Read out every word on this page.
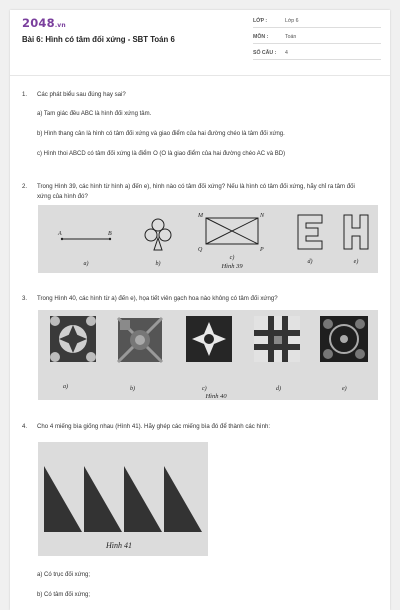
2048.vn
Bài 6: Hình có tâm đối xứng - SBT Toán 6
LỚP :	Lớp 6
MÔN :	Toán
SỐ CÂU : 4
1. Các phát biểu sau đúng hay sai?
a) Tam giác đều ABC là hình đối xứng tâm.
b) Hình thang cân là hình có tâm đối xứng và giao điểm của hai đường chéo là tâm đối xứng.
c) Hình thoi ABCD có tâm đối xứng là điểm O (O là giao điểm của hai đường chéo AC và BD)
2. Trong Hình 39, các hình từ hình a) đến e), hình nào có tâm đối xứng? Nếu là hình có tâm đối xứng, hãy chỉ ra tâm đối xứng của hình đó?
A	B
M	N
Q	P
a)	b)
c)
Hình 39
d)	e)
3. Trong Hình 40, các hình từ a) đến e), họa tiết viên gạch hoa nào không có tâm đối xứng?
a)	b)	c)
Hình 40
d)	e)
4. Cho 4 miếng bìa giống nhau (Hình 41). Hãy ghép các miếng bìa đó để thành các hình:
Hình 41
a) Có trục đối xứng;
b) Có tâm đối xứng;
